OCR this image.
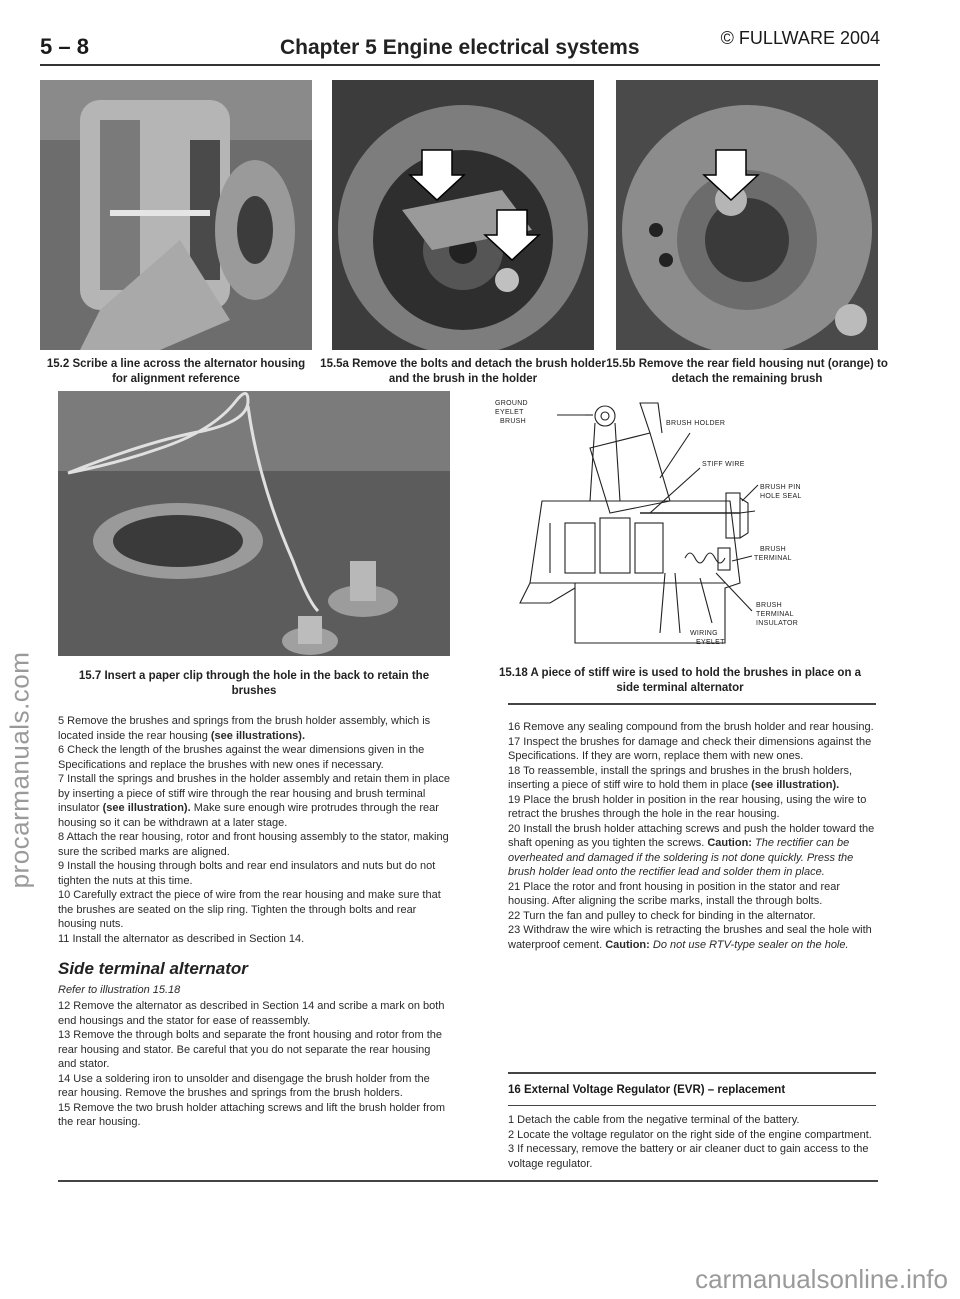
procarmanuals.com
carmanualsonline.info
5 – 8	Chapter 5 Engine electrical systems	© FULLWARE 2004
15.2 Scribe a line across the alternator housing for alignment reference
15.5a Remove the bolts and detach the brush holder and the brush in the holder
15.5b Remove the rear field housing nut (orange) to detach the remaining brush
15.7 Insert a paper clip through the hole in the back to retain the brushes
GROUND
EYELET
BRUSH	BRUSH HOLDER
STIFF WIRE
BRUSH PIN
HOLE SEAL
BRUSH
TERMINAL
BRUSH
TERMINAL
INSULATOR
WIRING
EYELET
15.18 A piece of stiff wire is used to hold the brushes in place on a side terminal alternator

5 Remove the brushes and springs from the brush holder assembly, which is located inside the rear housing (see illustrations).

6 Check the length of the brushes against the wear dimensions given in the Specifications and replace the brushes with new ones if necessary.

7 Install the springs and brushes in the holder assembly and retain them in place by inserting a piece of stiff wire through the rear housing and brush terminal insulator (see illustration). Make sure enough wire protrudes through the rear housing so it can be withdrawn at a later stage.

8 Attach the rear housing, rotor and front housing assembly to the stator, making sure the scribed marks are aligned.

9 Install the housing through bolts and rear end insulators and nuts but do not tighten the nuts at this time.

10 Carefully extract the piece of wire from the rear housing and make sure that the brushes are seated on the slip ring. Tighten the through bolts and rear housing nuts.

11 Install the alternator as described in Section 14.

Side terminal alternator
Refer to illustration 15.18

12 Remove the alternator as described in Section 14 and scribe a mark on both end housings and the stator for ease of reassembly.

13 Remove the through bolts and separate the front housing and rotor from the rear housing and stator. Be careful that you do not separate the rear housing and stator.

14 Use a soldering iron to unsolder and disengage the brush holder from the rear housing. Remove the brushes and springs from the brush holders.

15 Remove the two brush holder attaching screws and lift the brush holder from the rear housing.

16 Remove any sealing compound from the brush holder and rear housing.

17 Inspect the brushes for damage and check their dimensions against the Specifications. If they are worn, replace them with new ones.

18 To reassemble, install the springs and brushes in the brush holders, inserting a piece of stiff wire to hold them in place (see illustration).

19 Place the brush holder in position in the rear housing, using the wire to retract the brushes through the hole in the rear housing.

20 Install the brush holder attaching screws and push the holder toward the shaft opening as you tighten the screws. Caution: The rectifier can be overheated and damaged if the soldering is not done quickly. Press the brush holder lead onto the rectifier lead and solder them in place.

21 Place the rotor and front housing in position in the stator and rear housing. After aligning the scribe marks, install the through bolts.

22 Turn the fan and pulley to check for binding in the alternator.

23 Withdraw the wire which is retracting the brushes and seal the hole with waterproof cement. Caution: Do not use RTV-type sealer on the hole.

16 External Voltage Regulator (EVR) – replacement

1 Detach the cable from the negative terminal of the battery.

2 Locate the voltage regulator on the right side of the engine compartment.

3 If necessary, remove the battery or air cleaner duct to gain access to the voltage regulator.
